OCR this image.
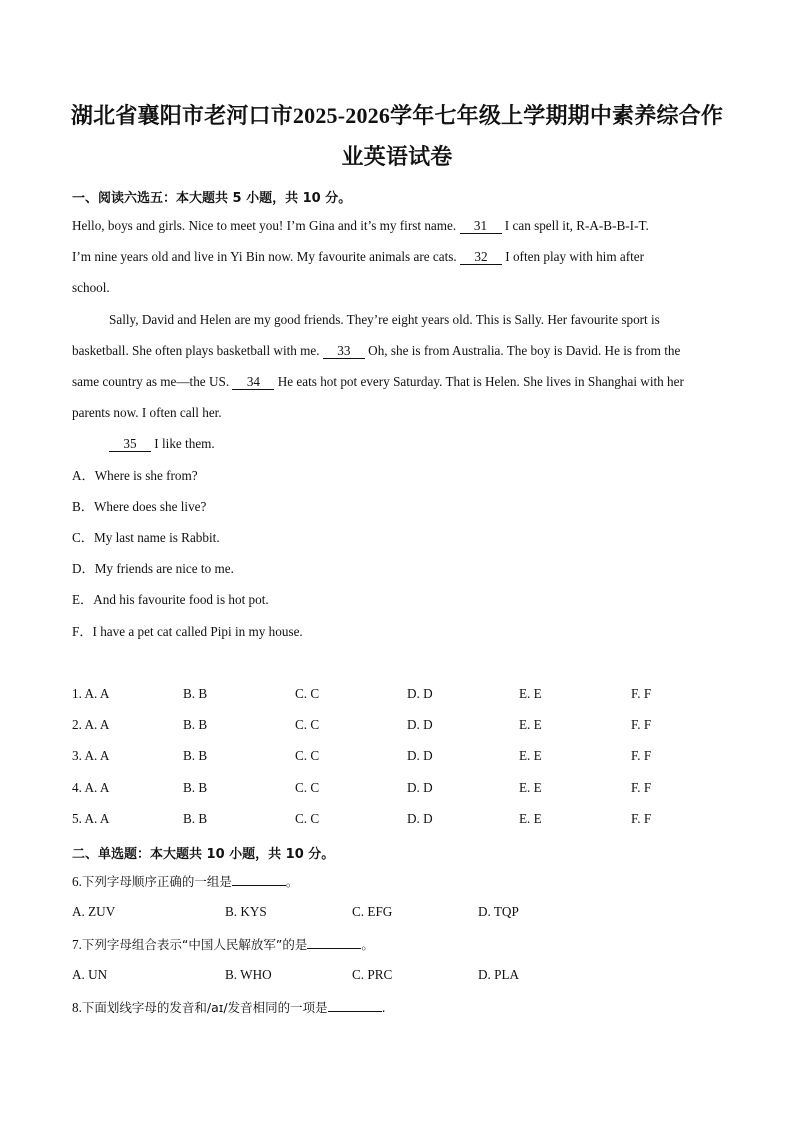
湖北省襄阳市老河口市2025-2026学年七年级上学期期中素养综合作
业英语试卷
一、阅读六选五：本大题共 5 小题，共 10 分。
Hello, boys and girls. Nice to meet you! I’m Gina and it’s my first name. 31 I can spell it, R-A-B-B-I-T.
I’m nine years old and live in Yi Bin now. My favourite animals are cats. 32 I often play with him after
school.
Sally, David and Helen are my good friends. They’re eight years old. This is Sally. Her favourite sport is
basketball. She often plays basketball with me. 33 Oh, she is from Australia. The boy is David. He is from the
same country as me—the US. 34 He eats hot pot every Saturday. That is Helen. She lives in Shanghai with her
parents now. I often call her.
35 I like them.
A．Where is she from?
B．Where does she live?
C．My last name is Rabbit.
D．My friends are nice to me.
E．And his favourite food is hot pot.
F．I have a pet cat called Pipi in my house.
1. A. A	B. B	C. C	D. D	E. E	F. F
2. A. A	B. B	C. C	D. D	E. E	F. F
3. A. A	B. B	C. C	D. D	E. E	F. F
4. A. A	B. B	C. C	D. D	E. E	F. F
5. A. A	B. B	C. C	D. D	E. E	F. F
二、单选题：本大题共 10 小题，共 10 分。
6.下列字母顺序正确的一组是	。
A. ZUV	B. KYS	C. EFG	D. TQP
7.下列字母组合表示“中国人民解放军”的是	。
A. UN	B. WHO	C. PRC	D. PLA
8.下面划线字母的发音和/aɪ/发音相同的一项是	.
